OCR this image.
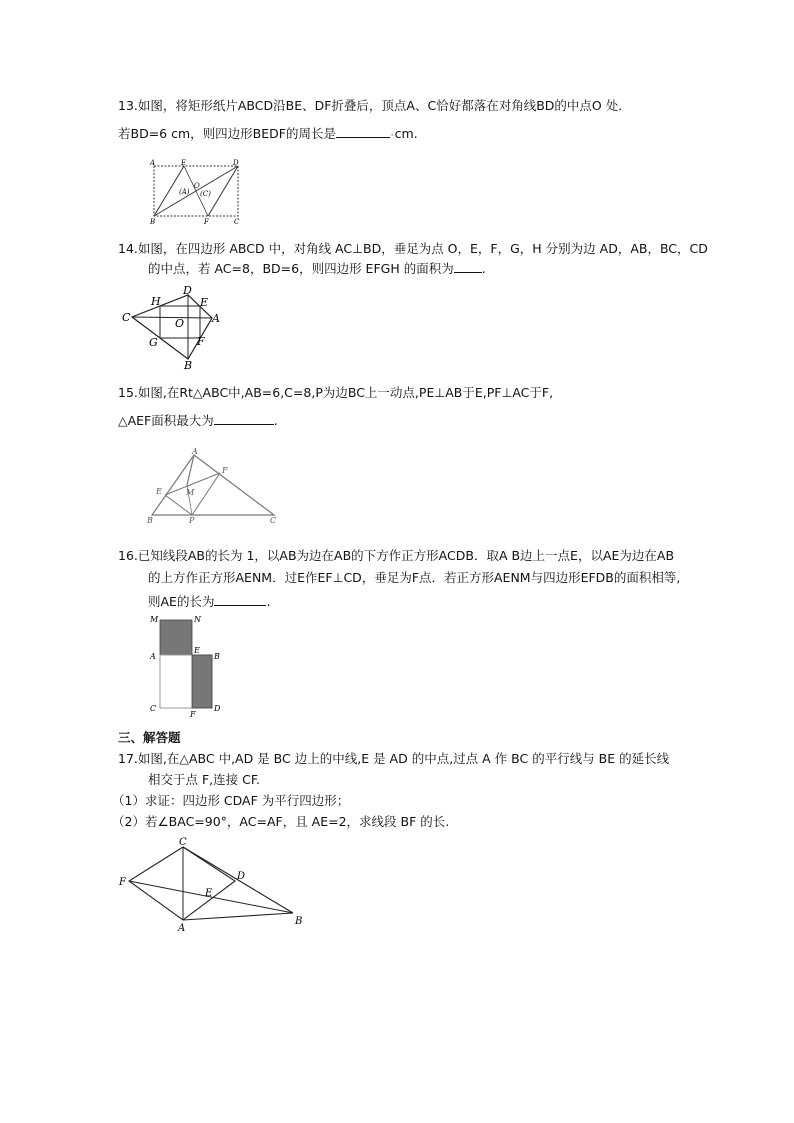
13.如图，将矩形纸片ABCD沿BE、DF折叠后，顶点A、C恰好都落在对角线BD的中点O 处．
若BD=6 cm，则四边形BEDF的周长是	•cm.
A	E	D
B	F	C
O
(A) (C)
14.如图，在四边形 ABCD 中，对角线 AC⊥BD，垂足为点 O，E，F，G，H 分别为边 AD，AB，BC，CD
的中点，若 AC=8，BD=6，则四边形 EFGH 的面积为 .
H
D
E
C	O	A
G	F
B
15.如图,在Rt△ABC中,AB=6,C=8,P为边BC上一动点,PE⊥AB于E,PF⊥AC于F,
△AEF面积最大为	.
A
F
E	M
B	P	C
16.已知线段AB的长为 1，以AB为边在AB的下方作正方形ACDB．取A B边上一点E，以AE为边在AB
的上方作正方形AENM．过E作EF⊥CD，垂足为F点．若正方形AENM与四边形EFDB的面积相等,
则AE的长为	.
M	N
A
E
B
C
F
D
三、解答题
17.如图,在△ABC 中,AD 是 BC 边上的中线,E 是 AD 的中点,过点 A 作 BC 的平行线与 BE 的延长线
相交于点 F,连接 CF.
（1）求证：四边形 CDAF 为平行四边形；
（2）若∠BAC=90°，AC=AF，且 AE=2，求线段 BF 的长.
C
F
D
E
A
B
